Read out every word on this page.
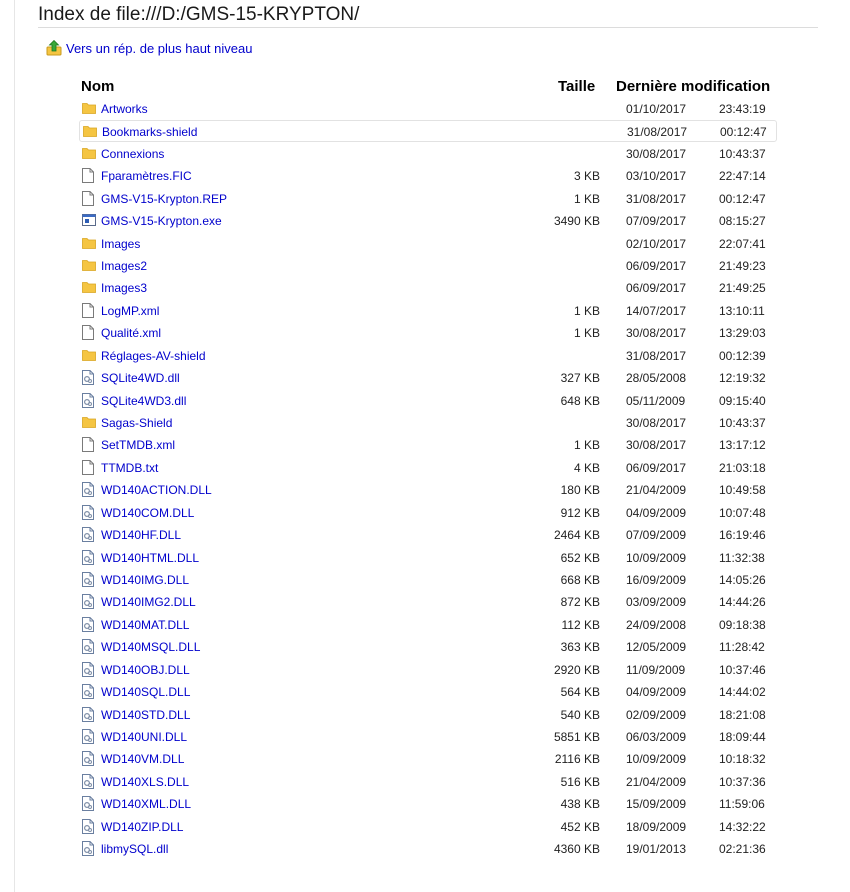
Index de file:///D:/GMS-15-KRYPTON/
Vers un rép. de plus haut niveau
Nom	Taille Dernière modification
Artworks	01/10/2017	23:43:19
Bookmarks-shield	31/08/2017	00:12:47
Connexions	30/08/2017	10:43:37
Fparamètres.FIC	3 KB 03/10/2017	22:47:14
GMS-V15-Krypton.REP	1 KB 31/08/2017	00:12:47
GMS-V15-Krypton.exe	3490 KB 07/09/2017	08:15:27
Images	02/10/2017	22:07:41
Images2	06/09/2017	21:49:23
Images3	06/09/2017	21:49:25
LogMP.xml	1 KB 14/07/2017	13:10:11
Qualité.xml	1 KB 30/08/2017	13:29:03
Réglages-AV-shield	31/08/2017	00:12:39
SQLite4WD.dll	327 KB 28/05/2008	12:19:32
SQLite4WD3.dll	648 KB 05/11/2009	09:15:40
Sagas-Shield	30/08/2017	10:43:37
SetTMDB.xml	1 KB 30/08/2017	13:17:12
TTMDB.txt	4 KB 06/09/2017	21:03:18
WD140ACTION.DLL	180 KB 21/04/2009	10:49:58
WD140COM.DLL	912 KB 04/09/2009	10:07:48
WD140HF.DLL	2464 KB 07/09/2009	16:19:46
WD140HTML.DLL	652 KB 10/09/2009	11:32:38
WD140IMG.DLL	668 KB 16/09/2009	14:05:26
WD140IMG2.DLL	872 KB 03/09/2009	14:44:26
WD140MAT.DLL	112 KB 24/09/2008	09:18:38
WD140MSQL.DLL	363 KB 12/05/2009	11:28:42
WD140OBJ.DLL	2920 KB 11/09/2009	10:37:46
WD140SQL.DLL	564 KB 04/09/2009	14:44:02
WD140STD.DLL	540 KB 02/09/2009	18:21:08
WD140UNI.DLL	5851 KB 06/03/2009	18:09:44
WD140VM.DLL	2116 KB 10/09/2009	10:18:32
WD140XLS.DLL	516 KB 21/04/2009	10:37:36
WD140XML.DLL	438 KB 15/09/2009	11:59:06
WD140ZIP.DLL	452 KB 18/09/2009	14:32:22
libmySQL.dll	4360 KB 19/01/2013	02:21:36
